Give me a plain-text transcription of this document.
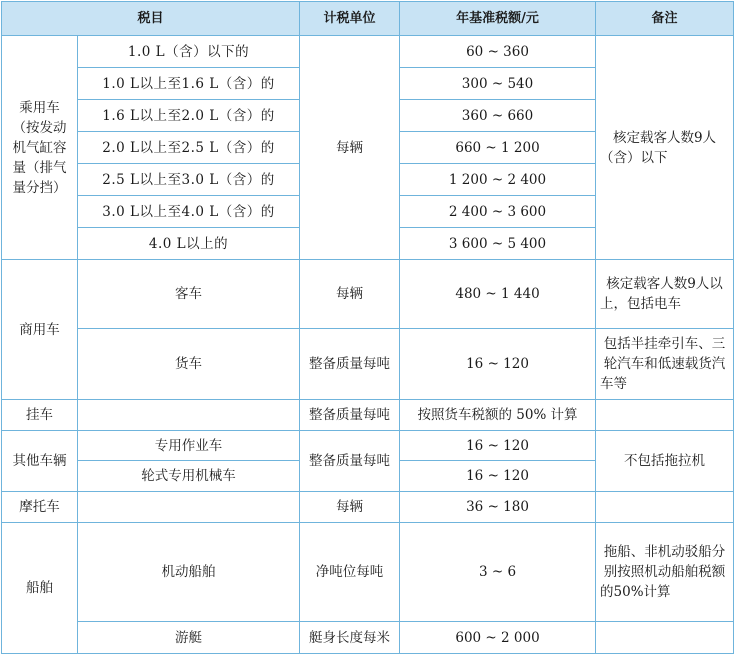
税目		计税单位	年基准税额/元	备注
乘用车（按发动机气缸容量（排气量分挡）	1.0 L（含）以下的	每辆	60 ~ 360	核定载客人数9人（含）以下
	1.0 L以上至1.6 L（含）的		300 ~ 540	
	1.6 L以上至2.0 L（含）的		360 ~ 660	
	2.0 L以上至2.5 L（含）的		660 ~ 1 200	
	2.5 L以上至3.0 L（含）的		1 200 ~ 2 400	
	3.0 L以上至4.0 L（含）的		2 400 ~ 3 600	
	4.0 L以上的		3 600 ~ 5 400	
商用车	客车	每辆	480 ~ 1 440	核定载客人数9人以上，包括电车
	货车	整备质量每吨	16 ~ 120	包括半挂牵引车、三轮汽车和低速载货汽车等
挂车		整备质量每吨	按照货车税额的 50% 计算	
其他车辆	专用作业车	整备质量每吨	16 ~ 120	不包括拖拉机
	轮式专用机械车		16 ~ 120	
摩托车		每辆	36 ~ 180	
船舶	机动船舶	净吨位每吨	3 ~ 6	拖船、非机动驳船分别按照机动船舶税额的50%计算
	游艇	艇身长度每米	600 ~ 2 000	
